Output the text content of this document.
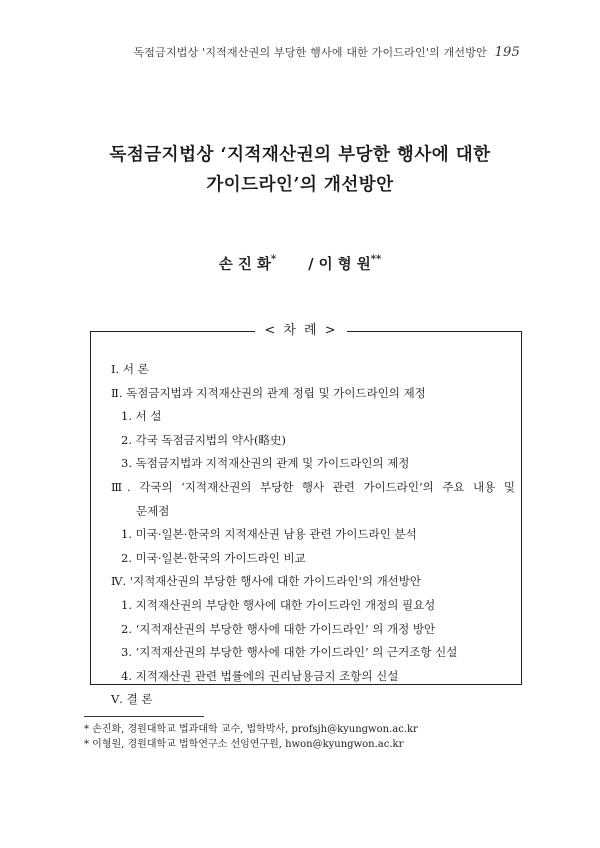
독점금지법상 '지적재산권의 부당한 행사에 대한 가이드라인'의 개선방안 195
독점금지법상 ‘지적재산권의 부당한 행사에 대한
가이드라인’의 개선방안
손 진 화* / 이 형 원**
< 차 례 >
Ⅰ. 서 론
Ⅱ. 독점금지법과 지적재산권의 관계 정립 및 가이드라인의 제정
1. 서 설
2. 각국 독점금지법의 약사(略史)
3. 독점금지법과 지적재산권의 관계 및 가이드라인의 제정
Ⅲ. 각국의 ‘지적재산권의 부당한 행사 관련 가이드라인’의 주요 내용 및
문제점
1. 미국·일본·한국의 지적재산권 남용 관련 가이드라인 분석
2. 미국·일본·한국의 가이드라인 비교
Ⅳ. '지적재산권의 부당한 행사에 대한 가이드라인'의 개선방안
1. 지적재산권의 부당한 행사에 대한 가이드라인 개정의 필요성
2. ‘지적재산권의 부당한 행사에 대한 가이드라인’ 의 개정 방안
3. ‘지적재산권의 부당한 행사에 대한 가이드라인’ 의 근거조항 신설
4. 지적재산권 관련 법률에의 권리남용금지 조항의 신설
Ⅴ. 결 론
* 손진화, 경원대학교 법과대학 교수, 법학박사, profsjh@kyungwon.ac.kr
* 이형원, 경원대학교 법학연구소 선임연구원, hwon@kyungwon.ac.kr
